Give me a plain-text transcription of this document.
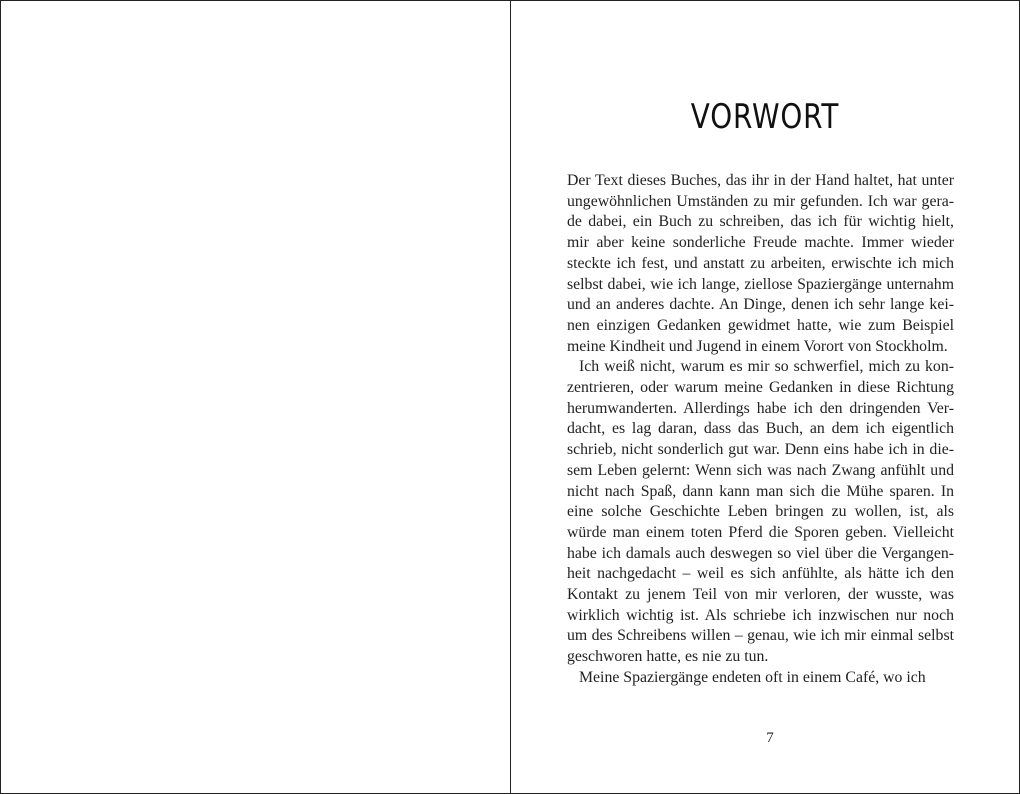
VORWORT

Der Text dieses Buches, das ihr in der Hand haltet, hat unter
ungewöhnlichen Umständen zu mir gefunden. Ich war gera-
de dabei, ein Buch zu schreiben, das ich für wichtig hielt,
mir aber keine sonderliche Freude machte. Immer wieder
steckte ich fest, und anstatt zu arbeiten, erwischte ich mich
selbst dabei, wie ich lange, ziellose Spaziergänge unternahm
und an anderes dachte. An Dinge, denen ich sehr lange kei-
nen einzigen Gedanken gewidmet hatte, wie zum Beispiel
meine Kindheit und Jugend in einem Vorort von Stockholm.

Ich weiß nicht, warum es mir so schwerfiel, mich zu kon-
zentrieren, oder warum meine Gedanken in diese Richtung
herumwanderten. Allerdings habe ich den dringenden Ver-
dacht, es lag daran, dass das Buch, an dem ich eigentlich
schrieb, nicht sonderlich gut war. Denn eins habe ich in die-
sem Leben gelernt: Wenn sich was nach Zwang anfühlt und
nicht nach Spaß, dann kann man sich die Mühe sparen. In
eine solche Geschichte Leben bringen zu wollen, ist, als
würde man einem toten Pferd die Sporen geben. Vielleicht
habe ich damals auch deswegen so viel über die Vergangen-
heit nachgedacht – weil es sich anfühlte, als hätte ich den
Kontakt zu jenem Teil von mir verloren, der wusste, was
wirklich wichtig ist. Als schriebe ich inzwischen nur noch
um des Schreibens willen – genau, wie ich mir einmal selbst
geschworen hatte, es nie zu tun.

Meine Spaziergänge endeten oft in einem Café, wo ich

7
